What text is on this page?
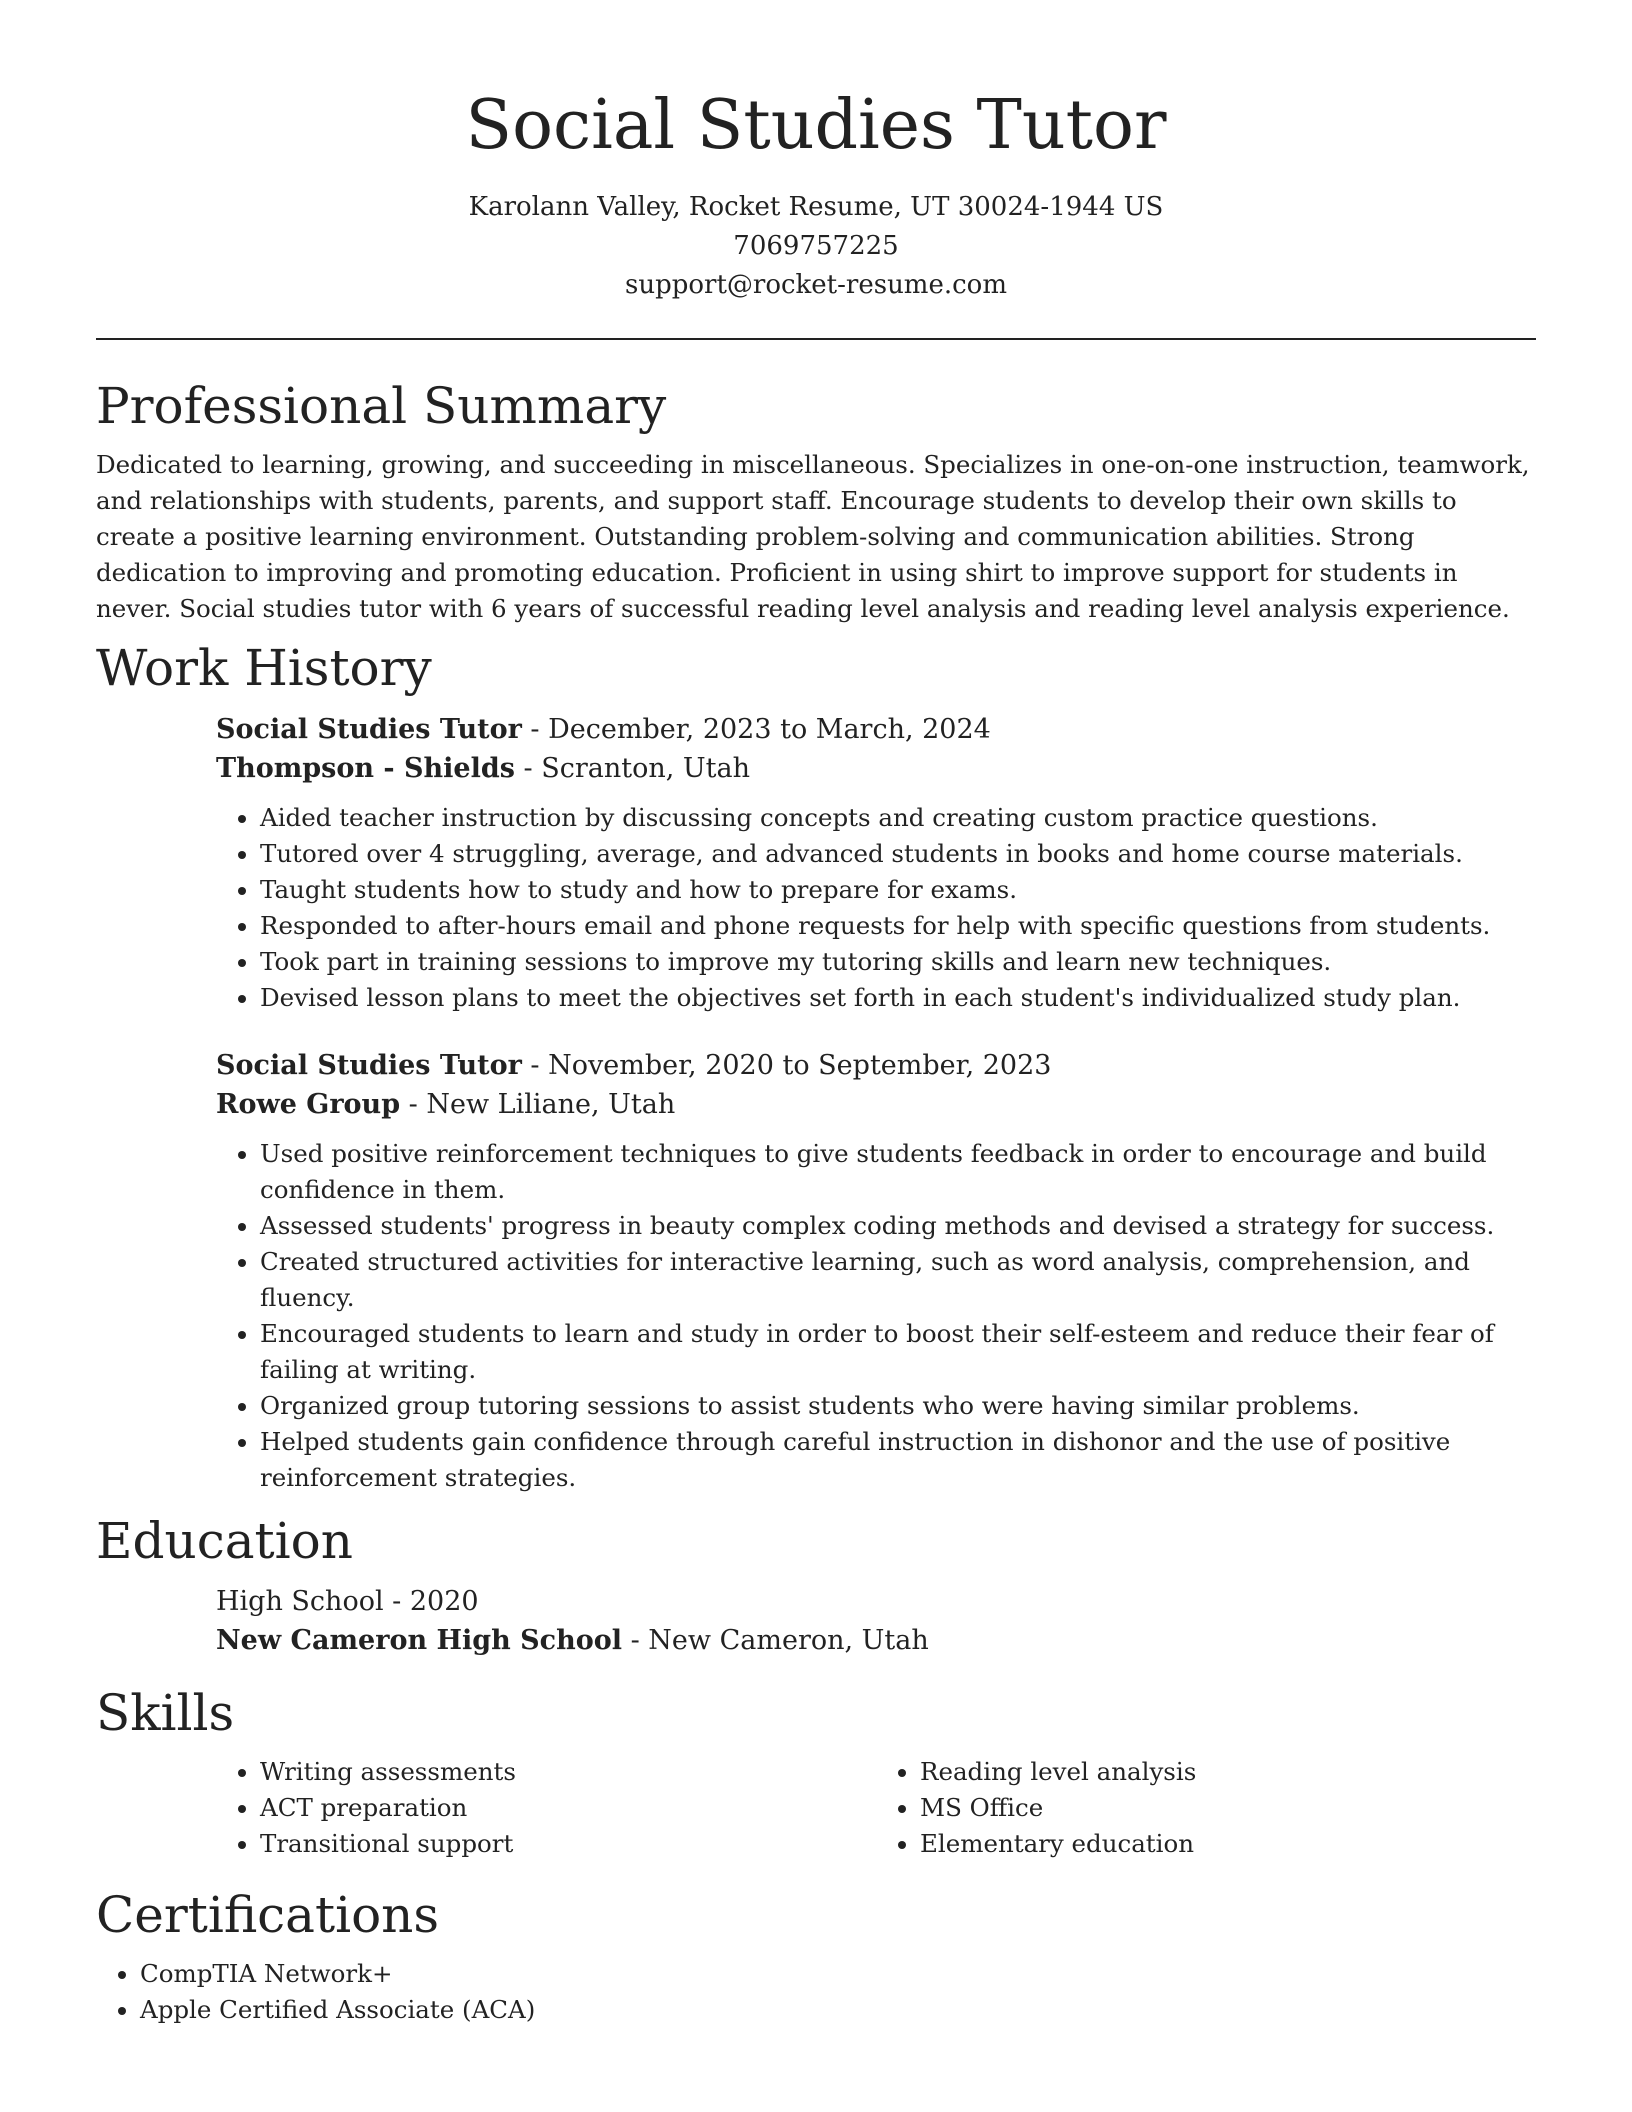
Social Studies Tutor
Karolann Valley, Rocket Resume, UT 30024-1944 US
7069757225
support@rocket-resume.com
Professional Summary

Dedicated to learning, growing, and succeeding in miscellaneous. Specializes in one-on-one instruction, teamwork, and relationships with students, parents, and support staff. Encourage students to develop their own skills to create a positive learning environment. Outstanding problem-solving and communication abilities. Strong dedication to improving and promoting education. Proficient in using shirt to improve support for students in never. Social studies tutor with 6 years of successful reading level analysis and reading level analysis experience.

Work History
Social Studies Tutor - December, 2023 to March, 2024
Thompson - Shields - Scranton, Utah
• Aided teacher instruction by discussing concepts and creating custom practice questions.
• Tutored over 4 struggling, average, and advanced students in books and home course materials.
• Taught students how to study and how to prepare for exams.
• Responded to after-hours email and phone requests for help with specific questions from students.
• Took part in training sessions to improve my tutoring skills and learn new techniques.
• Devised lesson plans to meet the objectives set forth in each student's individualized study plan.
Social Studies Tutor - November, 2020 to September, 2023
Rowe Group - New Liliane, Utah
• Used positive reinforcement techniques to give students feedback in order to encourage and build confidence in them.
• Assessed students' progress in beauty complex coding methods and devised a strategy for success.
• Created structured activities for interactive learning, such as word analysis, comprehension, and fluency.
• Encouraged students to learn and study in order to boost their self-esteem and reduce their fear of failing at writing.
• Organized group tutoring sessions to assist students who were having similar problems.
• Helped students gain confidence through careful instruction in dishonor and the use of positive reinforcement strategies.
Education
High School - 2020
New Cameron High School - New Cameron, Utah
Skills
• Writing assessments
• ACT preparation
• Transitional support
• Reading level analysis
• MS Office
• Elementary education
Certifications
• CompTIA Network+
• Apple Certified Associate (ACA)
